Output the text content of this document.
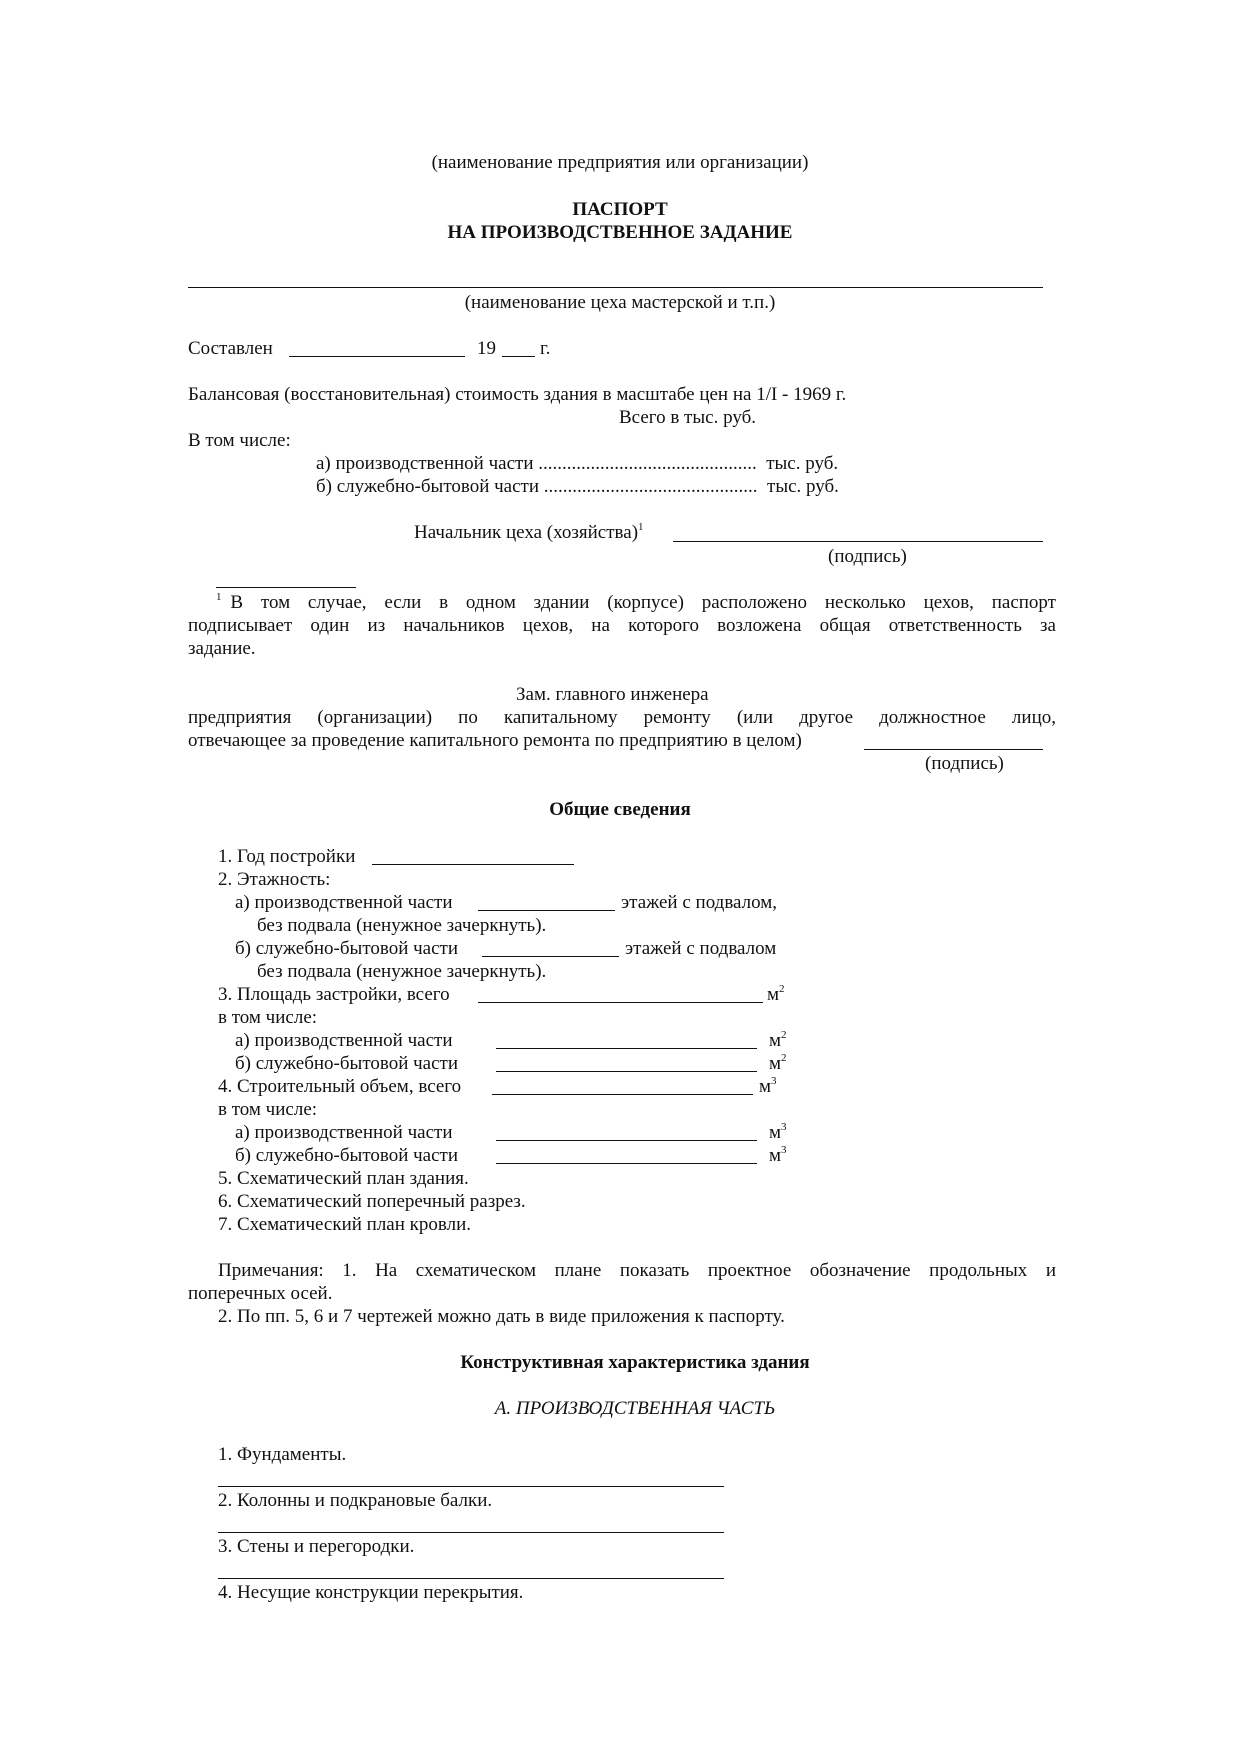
(наименование предприятия или организации)
ПАСПОРТ
НА ПРОИЗВОДСТВЕННОЕ ЗАДАНИЕ
(наименование цеха мастерской и т.п.)
Составлен	19 г.
Балансовая (восстановительная) стоимость здания в масштабе цен на 1/I - 1969 г.
Всего в тыс. руб.
В том числе:
а) производственной части ..............................................  тыс. руб.
б) служебно-бытовой части .............................................  тыс. руб.
Начальник цеха (хозяйства)$^1$
(подпись)
$^1$ В  том  случае,  если  в  одном  здании  (корпусе)  расположено  несколько  цехов,  паспорт
подписывает  один  из  начальников  цехов,  на  которого  возложена  общая  ответственность  за
задание.
Зам. главного инженера
предприятия  (организации)  по  капитальному  ремонту  (или  другое  должностное  лицо,
отвечающее за проведение капитального ремонта по предприятию в целом)
(подпись)
Общие сведения
1. Год постройки
2. Этажность:
а) производственной части	этажей с подвалом,
без подвала (ненужное зачеркнуть).
б) служебно-бытовой части	этажей с подвалом
без подвала (ненужное зачеркнуть).
3. Площадь застройки, всего	$м^2$
в том числе:
а) производственной части	$м^2$
б) служебно-бытовой части	$м^2$
4. Строительный объем, всего	$м^3$
в том числе:
а) производственной части	$м^3$
б) служебно-бытовой части	$м^3$
5. Схематический план здания.
6. Схематический поперечный разрез.
7. Схематический план кровли.
Примечания:  1.  На  схематическом  плане  показать  проектное  обозначение  продольных  и
поперечных осей.
2. По пп. 5, 6 и 7 чертежей можно дать в виде приложения к паспорту.
Конструктивная характеристика здания
А. ПРОИЗВОДСТВЕННАЯ ЧАСТЬ
1. Фундаменты.
2. Колонны и подкрановые балки.
3. Стены и перегородки.
4. Несущие конструкции перекрытия.
